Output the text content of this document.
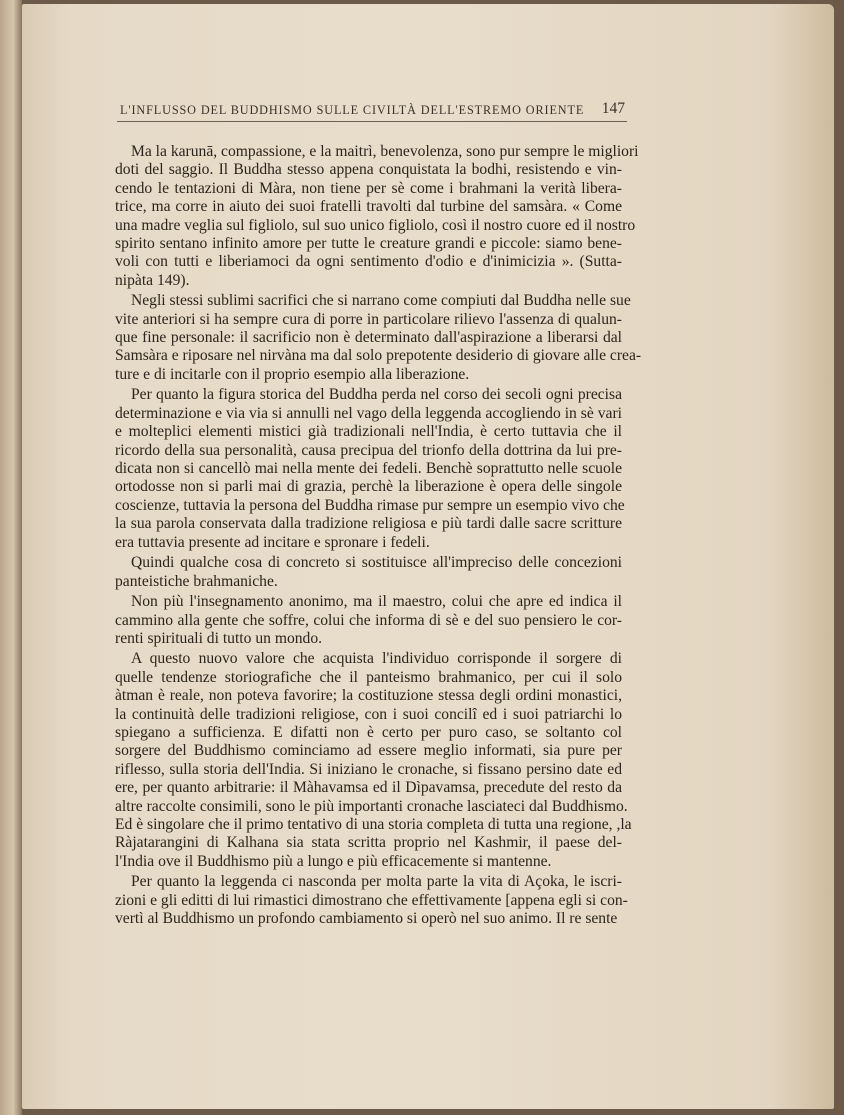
L'INFLUSSO DEL BUDDHISMO SULLE CIVILTÀ DELL'ESTREMO ORIENTE 147
Ma la karunā, compassione, e la maitrì, benevolenza, sono pur sempre le migliori
doti del saggio. Il Buddha stesso appena conquistata la bodhi, resistendo e vin-
cendo le tentazioni di Màra, non tiene per sè come i brahmani la verità libera-
trice, ma corre in aiuto dei suoi fratelli travolti dal turbine del samsàra. « Come
una madre veglia sul figliolo, sul suo unico figliolo, così il nostro cuore ed il nostro
spirito sentano infinito amore per tutte le creature grandi e piccole: siamo bene-
voli con tutti e liberiamoci da ogni sentimento d'odio e d'inimicizia ». (Sutta-
nipàta 149).
Negli stessi sublimi sacrifici che si narrano come compiuti dal Buddha nelle sue
vite anteriori si ha sempre cura di porre in particolare rilievo l'assenza di qualun-
que fine personale: il sacrificio non è determinato dall'aspirazione a liberarsi dal
Samsàra e riposare nel nirvàna ma dal solo prepotente desiderio di giovare alle crea-
ture e di incitarle con il proprio esempio alla liberazione.
Per quanto la figura storica del Buddha perda nel corso dei secoli ogni precisa
determinazione e via via si annulli nel vago della leggenda accogliendo in sè vari
e molteplici elementi mistici già tradizionali nell'India, è certo tuttavia che il
ricordo della sua personalità, causa precipua del trionfo della dottrina da lui pre-
dicata non si cancellò mai nella mente dei fedeli. Benchè soprattutto nelle scuole
ortodosse non si parli mai di grazia, perchè la liberazione è opera delle singole
coscienze, tuttavia la persona del Buddha rimase pur sempre un esempio vivo che
la sua parola conservata dalla tradizione religiosa e più tardi dalle sacre scritture
era tuttavia presente ad incitare e spronare i fedeli.
Quindi qualche cosa di concreto si sostituisce all'impreciso delle concezioni
panteistiche brahmaniche.
Non più l'insegnamento anonimo, ma il maestro, colui che apre ed indica il
cammino alla gente che soffre, colui che informa di sè e del suo pensiero le cor-
renti spirituali di tutto un mondo.
A questo nuovo valore che acquista l'individuo corrisponde il sorgere di
quelle tendenze storiografiche che il panteismo brahmanico, per cui il solo
àtman è reale, non poteva favorire; la costituzione stessa degli ordini monastici,
la continuità delle tradizioni religiose, con i suoi concilî ed i suoi patriarchi lo
spiegano a sufficienza. E difatti non è certo per puro caso, se soltanto col
sorgere del Buddhismo cominciamo ad essere meglio informati, sia pure per
riflesso, sulla storia dell'India. Si iniziano le cronache, si fissano persino date ed
ere, per quanto arbitrarie: il Màhavamsa ed il Dìpavamsa, precedute del resto da
altre raccolte consimili, sono le più importanti cronache lasciateci dal Buddhismo.
Ed è singolare che il primo tentativo di una storia completa di tutta una regione, ,la
Ràjatarangini di Kalhana sia stata scritta proprio nel Kashmir, il paese del-
l'India ove il Buddhismo più a lungo e più efficacemente si mantenne.
Per quanto la leggenda ci nasconda per molta parte la vita di Açoka, le iscri-
zioni e gli editti di lui rimastici dimostrano che effettivamente [appena egli si con-
vertì al Buddhismo un profondo cambiamento si operò nel suo animo. Il re sente
